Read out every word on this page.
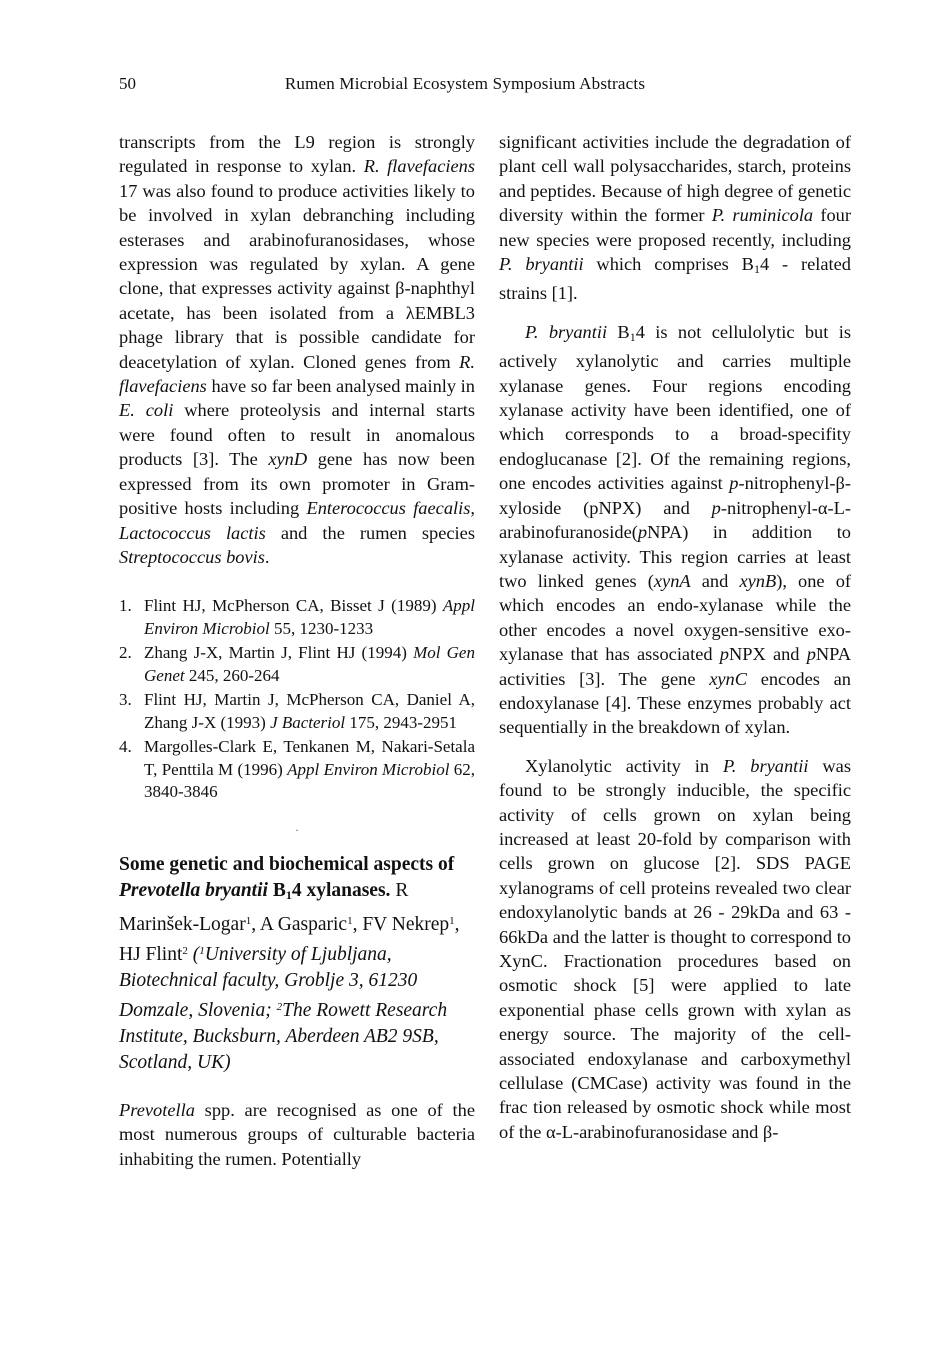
50	Rumen Microbial Ecosystem Symposium Abstracts

transcripts from the L9 region is strongly regulated in response to xylan. R. flavefaciens 17 was also found to produce activities likely to be involved in xylan debranching including esterases and arabinofuranosidases, whose expression was regulated by xylan. A gene clone, that expresses activity against β-naphthyl acetate, has been isolated from a λEMBL3 phage library that is possible candidate for deacetylation of xylan. Cloned genes from R. flavefaciens have so far been analysed mainly in E. coli where proteolysis and internal starts were found often to result in anomalous products [3]. The xynD gene has now been expressed from its own promoter in Gram-positive hosts including Enterococcus faecalis, Lactococcus lactis and the rumen species Streptococcus bovis.

1. Flint HJ, McPherson CA, Bisset J (1989) Appl Environ Microbiol 55, 1230-1233
2. Zhang J-X, Martin J, Flint HJ (1994) Mol Gen Genet 245, 260-264
3. Flint HJ, Martin J, McPherson CA, Daniel A, Zhang J-X (1993) J Bacteriol 175, 2943-2951
4. Margolles-Clark E, Tenkanen M, Nakari-Setala T, Penttila M (1996) Appl Environ Microbiol 62, 3840-3846
·
Some genetic and biochemical aspects of Prevotella bryantii $B_14$ xylanases. R Marinšek-Logar$^1$, A Gasparic$^1$, FV Nekrep$^1$, HJ Flint$^2$ ($^1$University of Ljubljana, Biotechnical faculty, Groblje 3, 61230 Domzale, Slovenia; $^2$The Rowett Research Institute, Bucksburn, Aberdeen AB2 9SB, Scotland, UK)

Prevotella spp. are recognised as one of the most numerous groups of culturable bacteria inhabiting the rumen. Potentially

significant activities include the degradation of plant cell wall polysaccharides, starch, proteins and peptides. Because of high degree of genetic diversity within the former P. ruminicola four new species were proposed recently, including P. bryantii which comprises $B_14$ - related strains [1].

P. bryantii $B_14$ is not cellulolytic but is actively xylanolytic and carries multiple xylanase genes. Four regions encoding xylanase activity have been identified, one of which corresponds to a broad-specifity endoglucanase [2]. Of the remaining regions, one encodes activities against p-nitrophenyl-β-xyloside (pNPX) and p-nitrophenyl-α-L-arabinofuranoside(pNPA) in addition to xylanase activity. This region carries at least two linked genes (xynA and xynB), one of which encodes an endo-xylanase while the other encodes a novel oxygen-sensitive exo-xylanase that has associated pNPX and pNPA activities [3]. The gene xynC encodes an endoxylanase [4]. These enzymes probably act sequentially in the breakdown of xylan.

Xylanolytic activity in P. bryantii was found to be strongly inducible, the specific activity of cells grown on xylan being increased at least 20-fold by comparison with cells grown on glucose [2]. SDS PAGE xylanograms of cell proteins revealed two clear endoxylanolytic bands at 26 - 29kDa and 63 - 66kDa and the latter is thought to correspond to XynC. Fractionation procedures based on osmotic shock [5] were applied to late exponential phase cells grown with xylan as energy source. The majority of the cell-associated endoxylanase and carboxymethyl cellulase (CMCase) activity was found in the frac tion released by osmotic shock while most of the α-L-arabinofuranosidase and β-
